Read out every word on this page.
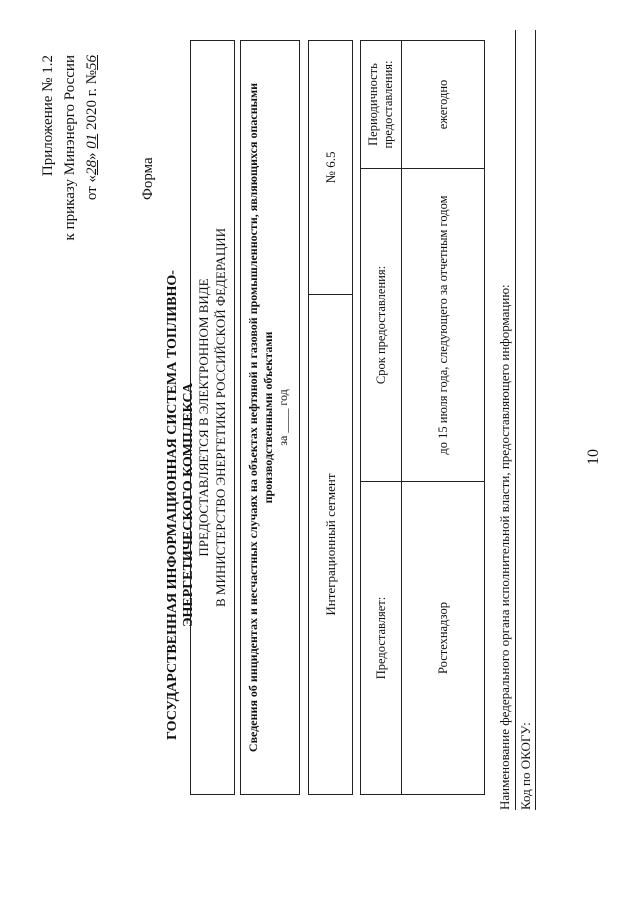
10
Приложение № 1.2 к приказу Минэнерго России от «28» 01 2020 г. №56
Форма
ГОСУДАРСТВЕННАЯ ИНФОРМАЦИОННАЯ СИСТЕМА ТОПЛИВНО-ЭНЕРГЕТИЧЕСКОГО КОМПЛЕКСА ПРЕДОСТАВЛЯЕТСЯ В ЭЛЕКТРОННОМ ВИДЕ В МИНИСТЕРСТВО ЭНЕРГЕТИКИ РОССИЙСКОЙ ФЕДЕРАЦИИ Сведения об инцидентах и несчастных случаях на объектах нефтяной и газовой промышленности, являющихся опасными производственными объектами за ____ год
Интеграционный сегмент
№ 6.5
Предоставляет:	Срок предоставления:	Периодичность предоставления:
Ростехнадзор	до 15 июля года, следующего за отчетным годом	ежегодно
Наименование федерального органа исполнительной власти, предоставляющего информацию: Код по ОКОГУ:
